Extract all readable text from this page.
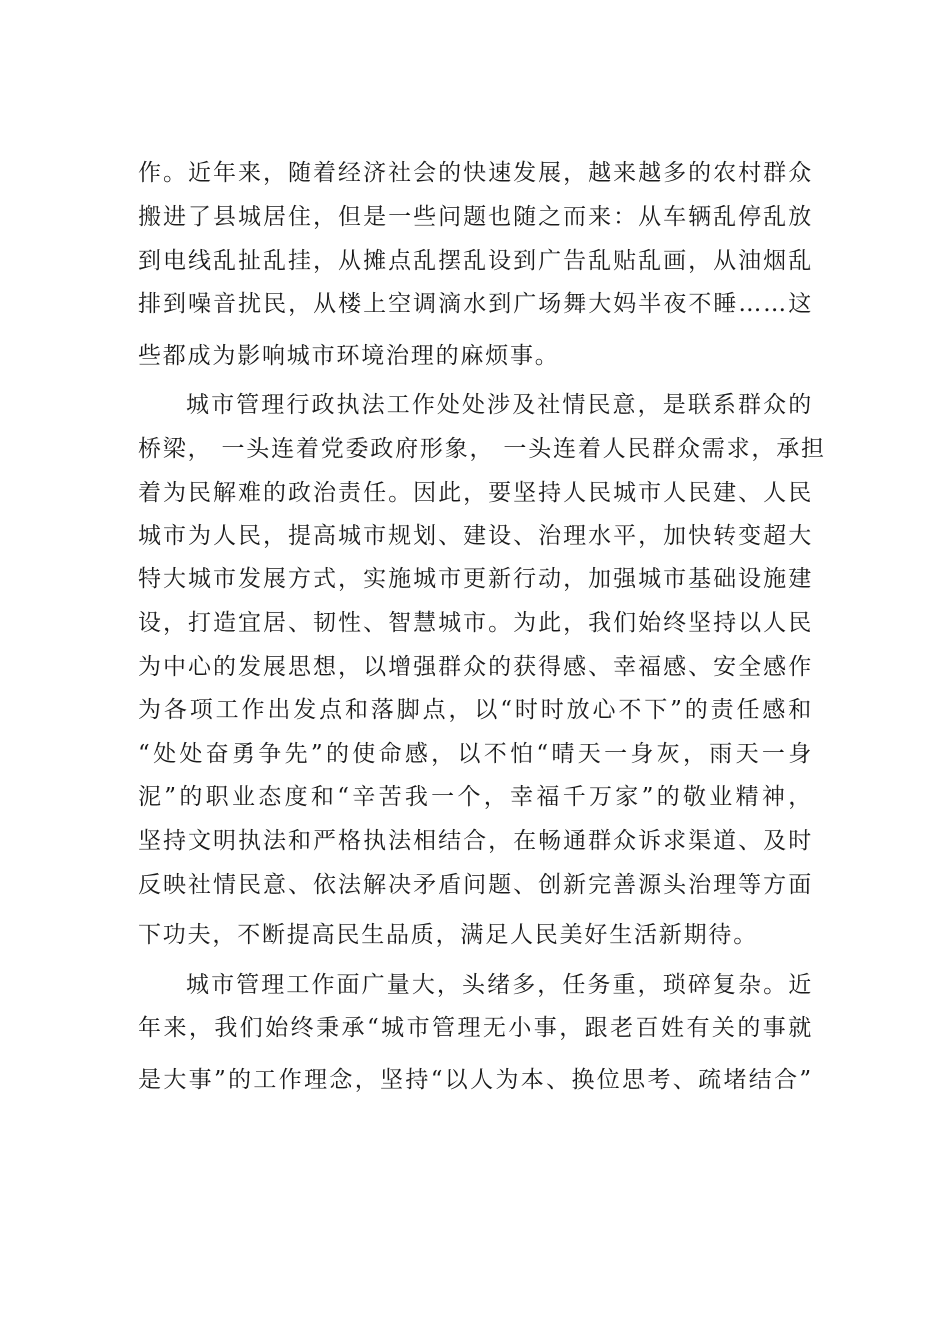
作。近年来，随着经济社会的快速发展，越来越多的农村群众

搬进了县城居住，但是一些问题也随之而来：从车辆乱停乱放

到电线乱扯乱挂，从摊点乱摆乱设到广告乱贴乱画，从油烟乱

排到噪音扰民，从楼上空调滴水到广场舞大妈半夜不睡……这

些都成为影响城市环境治理的麻烦事。

城市管理行政执法工作处处涉及社情民意，是联系群众的

桥梁， 一头连着党委政府形象， 一头连着人民群众需求，承担

着为民解难的政治责任。因此，要坚持人民城市人民建、人民

城市为人民，提高城市规划、建设、治理水平，加快转变超大

特大城市发展方式，实施城市更新行动，加强城市基础设施建

设，打造宜居、韧性、智慧城市。为此，我们始终坚持以人民

为中心的发展思想，以增强群众的获得感、幸福感、安全感作

为各项工作出发点和落脚点，以“时时放心不下”的责任感和

“处处奋勇争先”的使命感，以不怕“晴天一身灰，雨天一身

泥”的职业态度和“辛苦我一个，幸福千万家”的敬业精神，

坚持文明执法和严格执法相结合，在畅通群众诉求渠道、及时

反映社情民意、依法解决矛盾问题、创新完善源头治理等方面

下功夫，不断提高民生品质，满足人民美好生活新期待。

城市管理工作面广量大，头绪多，任务重，琐碎复杂。近

年来，我们始终秉承“城市管理无小事，跟老百姓有关的事就

是大事”的工作理念，坚持“以人为本、换位思考、疏堵结合”
